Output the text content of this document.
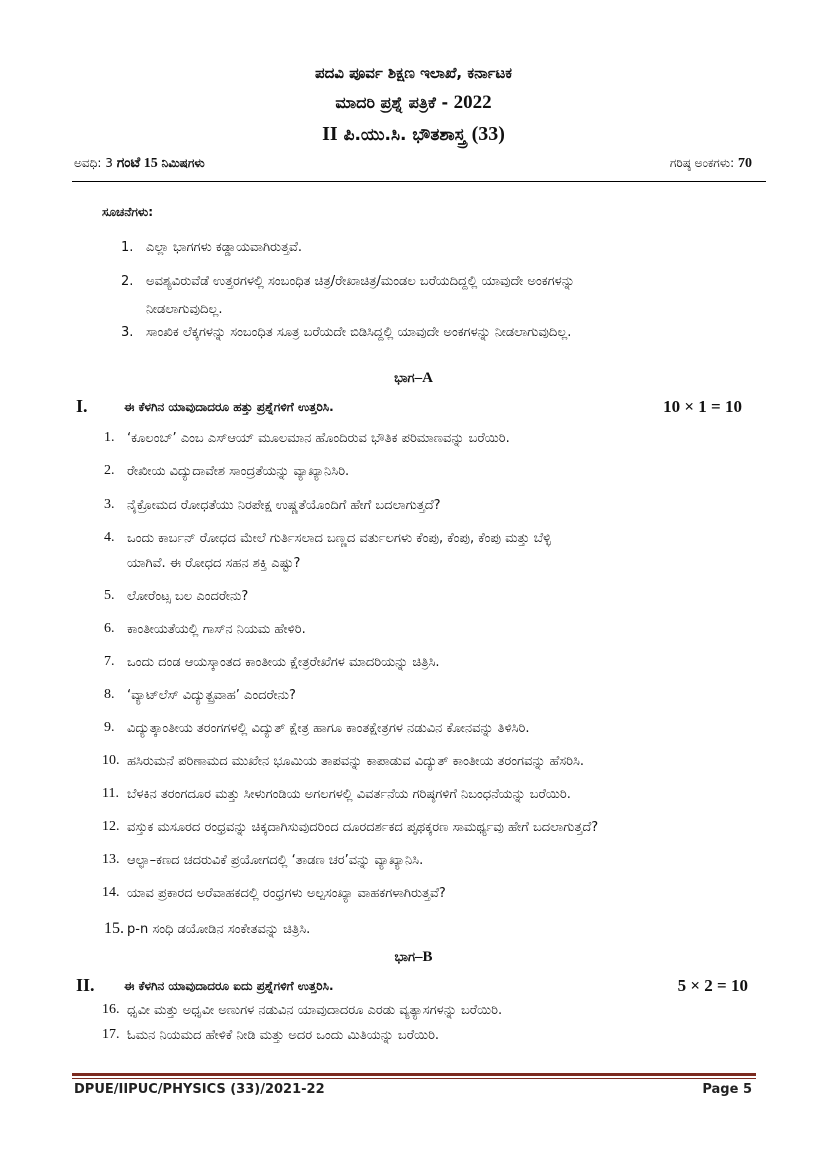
ಪದವಿ ಪೂರ್ವ ಶಿಕ್ಷಣ ಇಲಾಖೆ, ಕರ್ನಾಟಕ
ಮಾದರಿ ಪ್ರಶ್ನೆ ಪತ್ರಿಕೆ - 2022
II ಪಿ.ಯು.ಸಿ. ಭೌತಶಾಸ್ತ್ರ (33)
ಅವಧಿ: 3 ಗಂಟೆ 15 ನಿಮಿಷಗಳು	ಗರಿಷ್ಠ ಅಂಕಗಳು: 70
ಸೂಚನೆಗಳು:
1. ಎಲ್ಲಾ ಭಾಗಗಳು ಕಡ್ಡಾಯವಾಗಿರುತ್ತವೆ.
2. ಅವಶ್ಯವಿರುವೆಡೆ ಉತ್ತರಗಳಲ್ಲಿ ಸಂಬಂಧಿತ ಚಿತ್ರ/ರೇಖಾಚಿತ್ರ/ಮಂಡಲ ಬರೆಯದಿದ್ದಲ್ಲಿ ಯಾವುದೇ ಅಂಕಗಳನ್ನು
ನೀಡಲಾಗುವುದಿಲ್ಲ.
3. ಸಾಂಖಿಕ ಲೆಕ್ಕಗಳನ್ನು ಸಂಬಂಧಿತ ಸೂತ್ರ ಬರೆಯದೇ ಬಿಡಿಸಿದ್ದಲ್ಲಿ ಯಾವುದೇ ಅಂಕಗಳನ್ನು ನೀಡಲಾಗುವುದಿಲ್ಲ.
ಭಾಗ–A
I.	ಈ ಕೆಳಗಿನ ಯಾವುದಾದರೂ ಹತ್ತು ಪ್ರಶ್ನೆಗಳಿಗೆ ಉತ್ತರಿಸಿ.	10 × 1 = 10
1. ‘ಕೂಲಂಬ್’ ಎಂಬ ಎಸ್ಆಯ್ ಮೂಲಮಾನ ಹೊಂದಿರುವ ಭೌತಿಕ ಪರಿಮಾಣವನ್ನು ಬರೆಯಿರಿ.
2. ರೇಖೀಯ ವಿದ್ಯುದಾವೇಶ ಸಾಂದ್ರತೆಯನ್ನು ವ್ಯಾಖ್ಯಾನಿಸಿರಿ.
3. ನೈಕ್ರೋಮದ ರೋಧತೆಯು ನಿರಪೇಕ್ಷ ಉಷ್ಣತೆಯೊಂದಿಗೆ ಹೇಗೆ ಬದಲಾಗುತ್ತದೆ?
4. ಒಂದು ಕಾರ್ಬನ್ ರೋಧದ ಮೇಲೆ ಗುರ್ತಿಸಲಾದ ಬಣ್ಣದ ವರ್ತುಲಗಳು ಕೆಂಪು, ಕೆಂಪು, ಕೆಂಪು ಮತ್ತು ಬೆಳ್ಳಿ
ಯಾಗಿವೆ. ಈ ರೋಧದ ಸಹನ ಶಕ್ತಿ ಎಷ್ಟು?
5. ಲೋರೆಂಟ್ಸ ಬಲ ಎಂದರೇನು?
6. ಕಾಂತೀಯತೆಯಲ್ಲಿ ಗಾಸ್‌ನ ನಿಯಮ ಹೇಳಿರಿ.
7. ಒಂದು ದಂಡ ಆಯಸ್ಕಾಂತದ ಕಾಂತೀಯ ಕ್ಷೇತ್ರರೇಖೆಗಳ ಮಾದರಿಯನ್ನು ಚಿತ್ರಿಸಿ.
8. ‘ವ್ಯಾಟ್‌ಲೆಸ್ ವಿದ್ಯುತ್ಪ್ರವಾಹ’ ಎಂದರೇನು?
9. ವಿದ್ಯುತ್ಕಾಂತೀಯ ತರಂಗಗಳಲ್ಲಿ ವಿದ್ಯುತ್ ಕ್ಷೇತ್ರ ಹಾಗೂ ಕಾಂತಕ್ಷೇತ್ರಗಳ ನಡುವಿನ ಕೋನವನ್ನು ತಿಳಿಸಿರಿ.
10. ಹಸಿರುಮನೆ ಪರಿಣಾಮದ ಮುಖೇನ ಭೂಮಿಯ ತಾಪವನ್ನು ಕಾಪಾಡುವ ವಿದ್ಯುತ್ ಕಾಂತೀಯ ತರಂಗವನ್ನು ಹೆಸರಿಸಿ.
11. ಬೆಳಕಿನ ತರಂಗದೂರ ಮತ್ತು ಸೀಳುಗಂಡಿಯ ಅಗಲಗಳಲ್ಲಿ ವಿವರ್ತನೆಯ ಗರಿಷ್ಠಗಳಿಗೆ ನಿಬಂಧನೆಯನ್ನು ಬರೆಯಿರಿ.
12. ವಸ್ತುಕ ಮಸೂರದ ರಂಧ್ರವನ್ನು ಚಿಕ್ಕದಾಗಿಸುವುದರಿಂದ ದೂರದರ್ಶಕದ ಪೃಥಕ್ಕರಣ ಸಾಮರ್ಥ್ಯವು ಹೇಗೆ ಬದಲಾಗುತ್ತದೆ?
13. ಆಲ್ಫಾ–ಕಣದ ಚದರುವಿಕೆ ಪ್ರಯೋಗದಲ್ಲಿ ‘ತಾಡಣ ಚರ’ವನ್ನು ವ್ಯಾಖ್ಯಾನಿಸಿ.
14. ಯಾವ ಪ್ರಕಾರದ ಅರೆವಾಹಕದಲ್ಲಿ ರಂಧ್ರಗಳು ಅಲ್ಪಸಂಖ್ಯಾ ವಾಹಕಗಳಾಗಿರುತ್ತವೆ?
15. p-n ಸಂಧಿ ಡಯೋಡಿನ ಸಂಕೇತವನ್ನು ಚಿತ್ರಿಸಿ.
ಭಾಗ–B
II. ಈ ಕೆಳಗಿನ ಯಾವುದಾದರೂ ಐದು ಪ್ರಶ್ನೆಗಳಿಗೆ ಉತ್ತರಿಸಿ.	5 × 2 = 10
16. ಧೃವೀ ಮತ್ತು ಅಧೃವೀ ಅಣುಗಳ ನಡುವಿನ ಯಾವುದಾದರೂ ಎರಡು ವ್ಯತ್ಯಾಸಗಳನ್ನು ಬರೆಯಿರಿ.
17. ಓಮನ ನಿಯಮದ ಹೇಳಿಕೆ ನೀಡಿ ಮತ್ತು ಅದರ ಒಂದು ಮಿತಿಯನ್ನು ಬರೆಯಿರಿ.
DPUE/IIPUC/PHYSICS (33)/2021-22	Page 5
